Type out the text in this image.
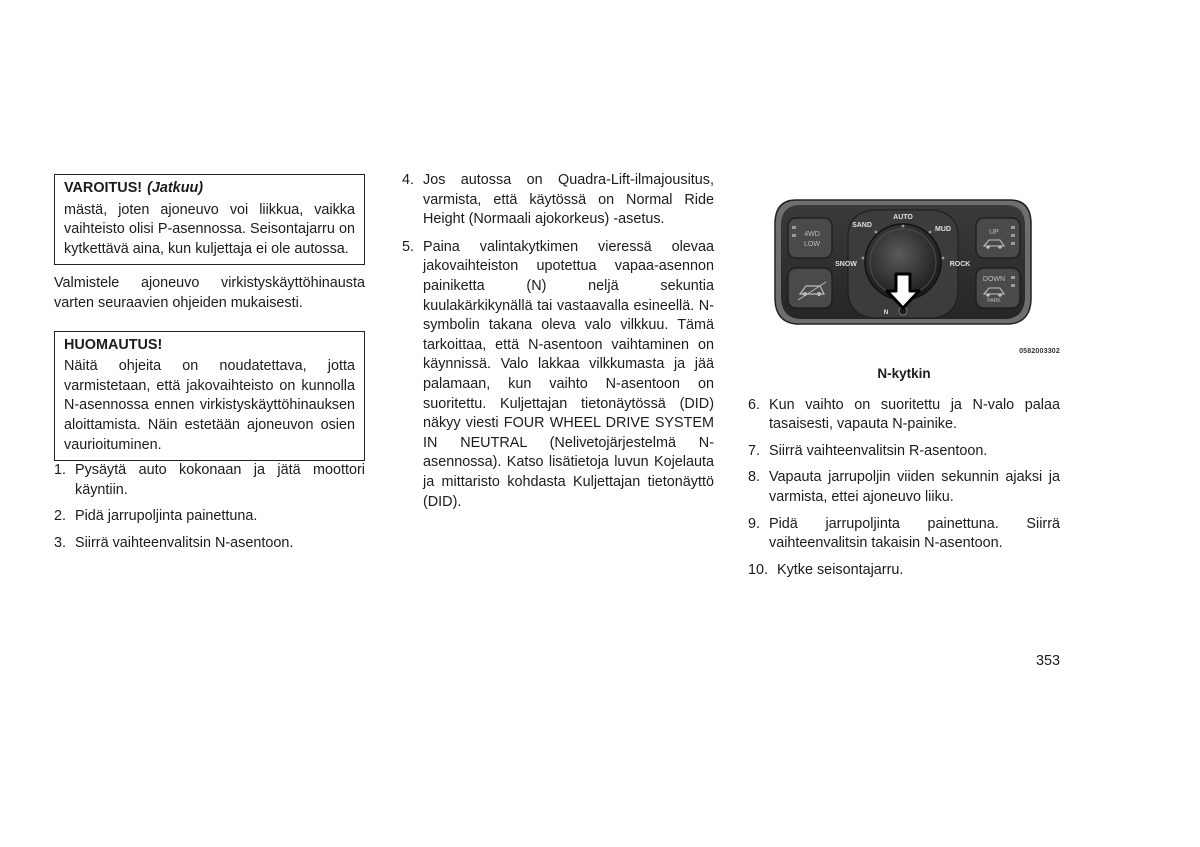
VAROITUS! (Jatkuu)

mästä, joten ajoneuvo voi liikkua, vaikka vaihteisto olisi P-asennossa. Seisontajarru on kytkettävä aina, kun kuljettaja ei ole autossa.

Valmistele ajoneuvo virkistyskäyttöhinausta varten seuraavien ohjeiden mukaisesti.

HUOMAUTUS!

Näitä ohjeita on noudatettava, jotta varmistetaan, että jakovaihteisto on kunnolla N-asennossa ennen virkistyskäyttöhinauksen aloittamista. Näin estetään ajoneuvon osien vaurioituminen.

1. Pysäytä auto kokonaan ja jätä moottori käyntiin.
2. Pidä jarrupoljinta painettuna.
3. Siirrä vaihteenvalitsin N-asentoon.
4. Jos autossa on Quadra-Lift-ilmajousitus, varmista, että käytössä on Normal Ride Height (Normaali ajokorkeus) -asetus.
5. Paina valintakytkimen vieressä olevaa jakovaihteiston upotettua vapaa-asennon painiketta (N) neljä sekuntia kuulakärkikynällä tai vastaavalla esineellä. N-symbolin takana oleva valo vilkkuu. Tämä tarkoittaa, että N-asentoon vaihtaminen on käynnissä. Valo lakkaa vilkkumasta ja jää palamaan, kun vaihto N-asentoon on suoritettu. Kuljettajan tietonäytössä (DID) näkyy viesti FOUR WHEEL DRIVE SYSTEM IN NEUTRAL (Nelivetojärjestelmä N-asennossa). Katso lisätietoja luvun Kojelauta ja mittaristo kohdasta Kuljettajan tietonäyttö (DID).
4WD
LOW
UP
DOWN
PARK
AUTO
SAND
MUD
SNOW	ROCK
N
0582003302
N-kytkin
6. Kun vaihto on suoritettu ja N-valo palaa tasaisesti, vapauta N-painike.
7. Siirrä vaihteenvalitsin R-asentoon.
8. Vapauta jarrupoljin viiden sekunnin ajaksi ja varmista, ettei ajoneuvo liiku.
9. Pidä jarrupoljinta painettuna. Siirrä vaihteenvalitsin takaisin N-asentoon.
10. Kytke seisontajarru.
353
